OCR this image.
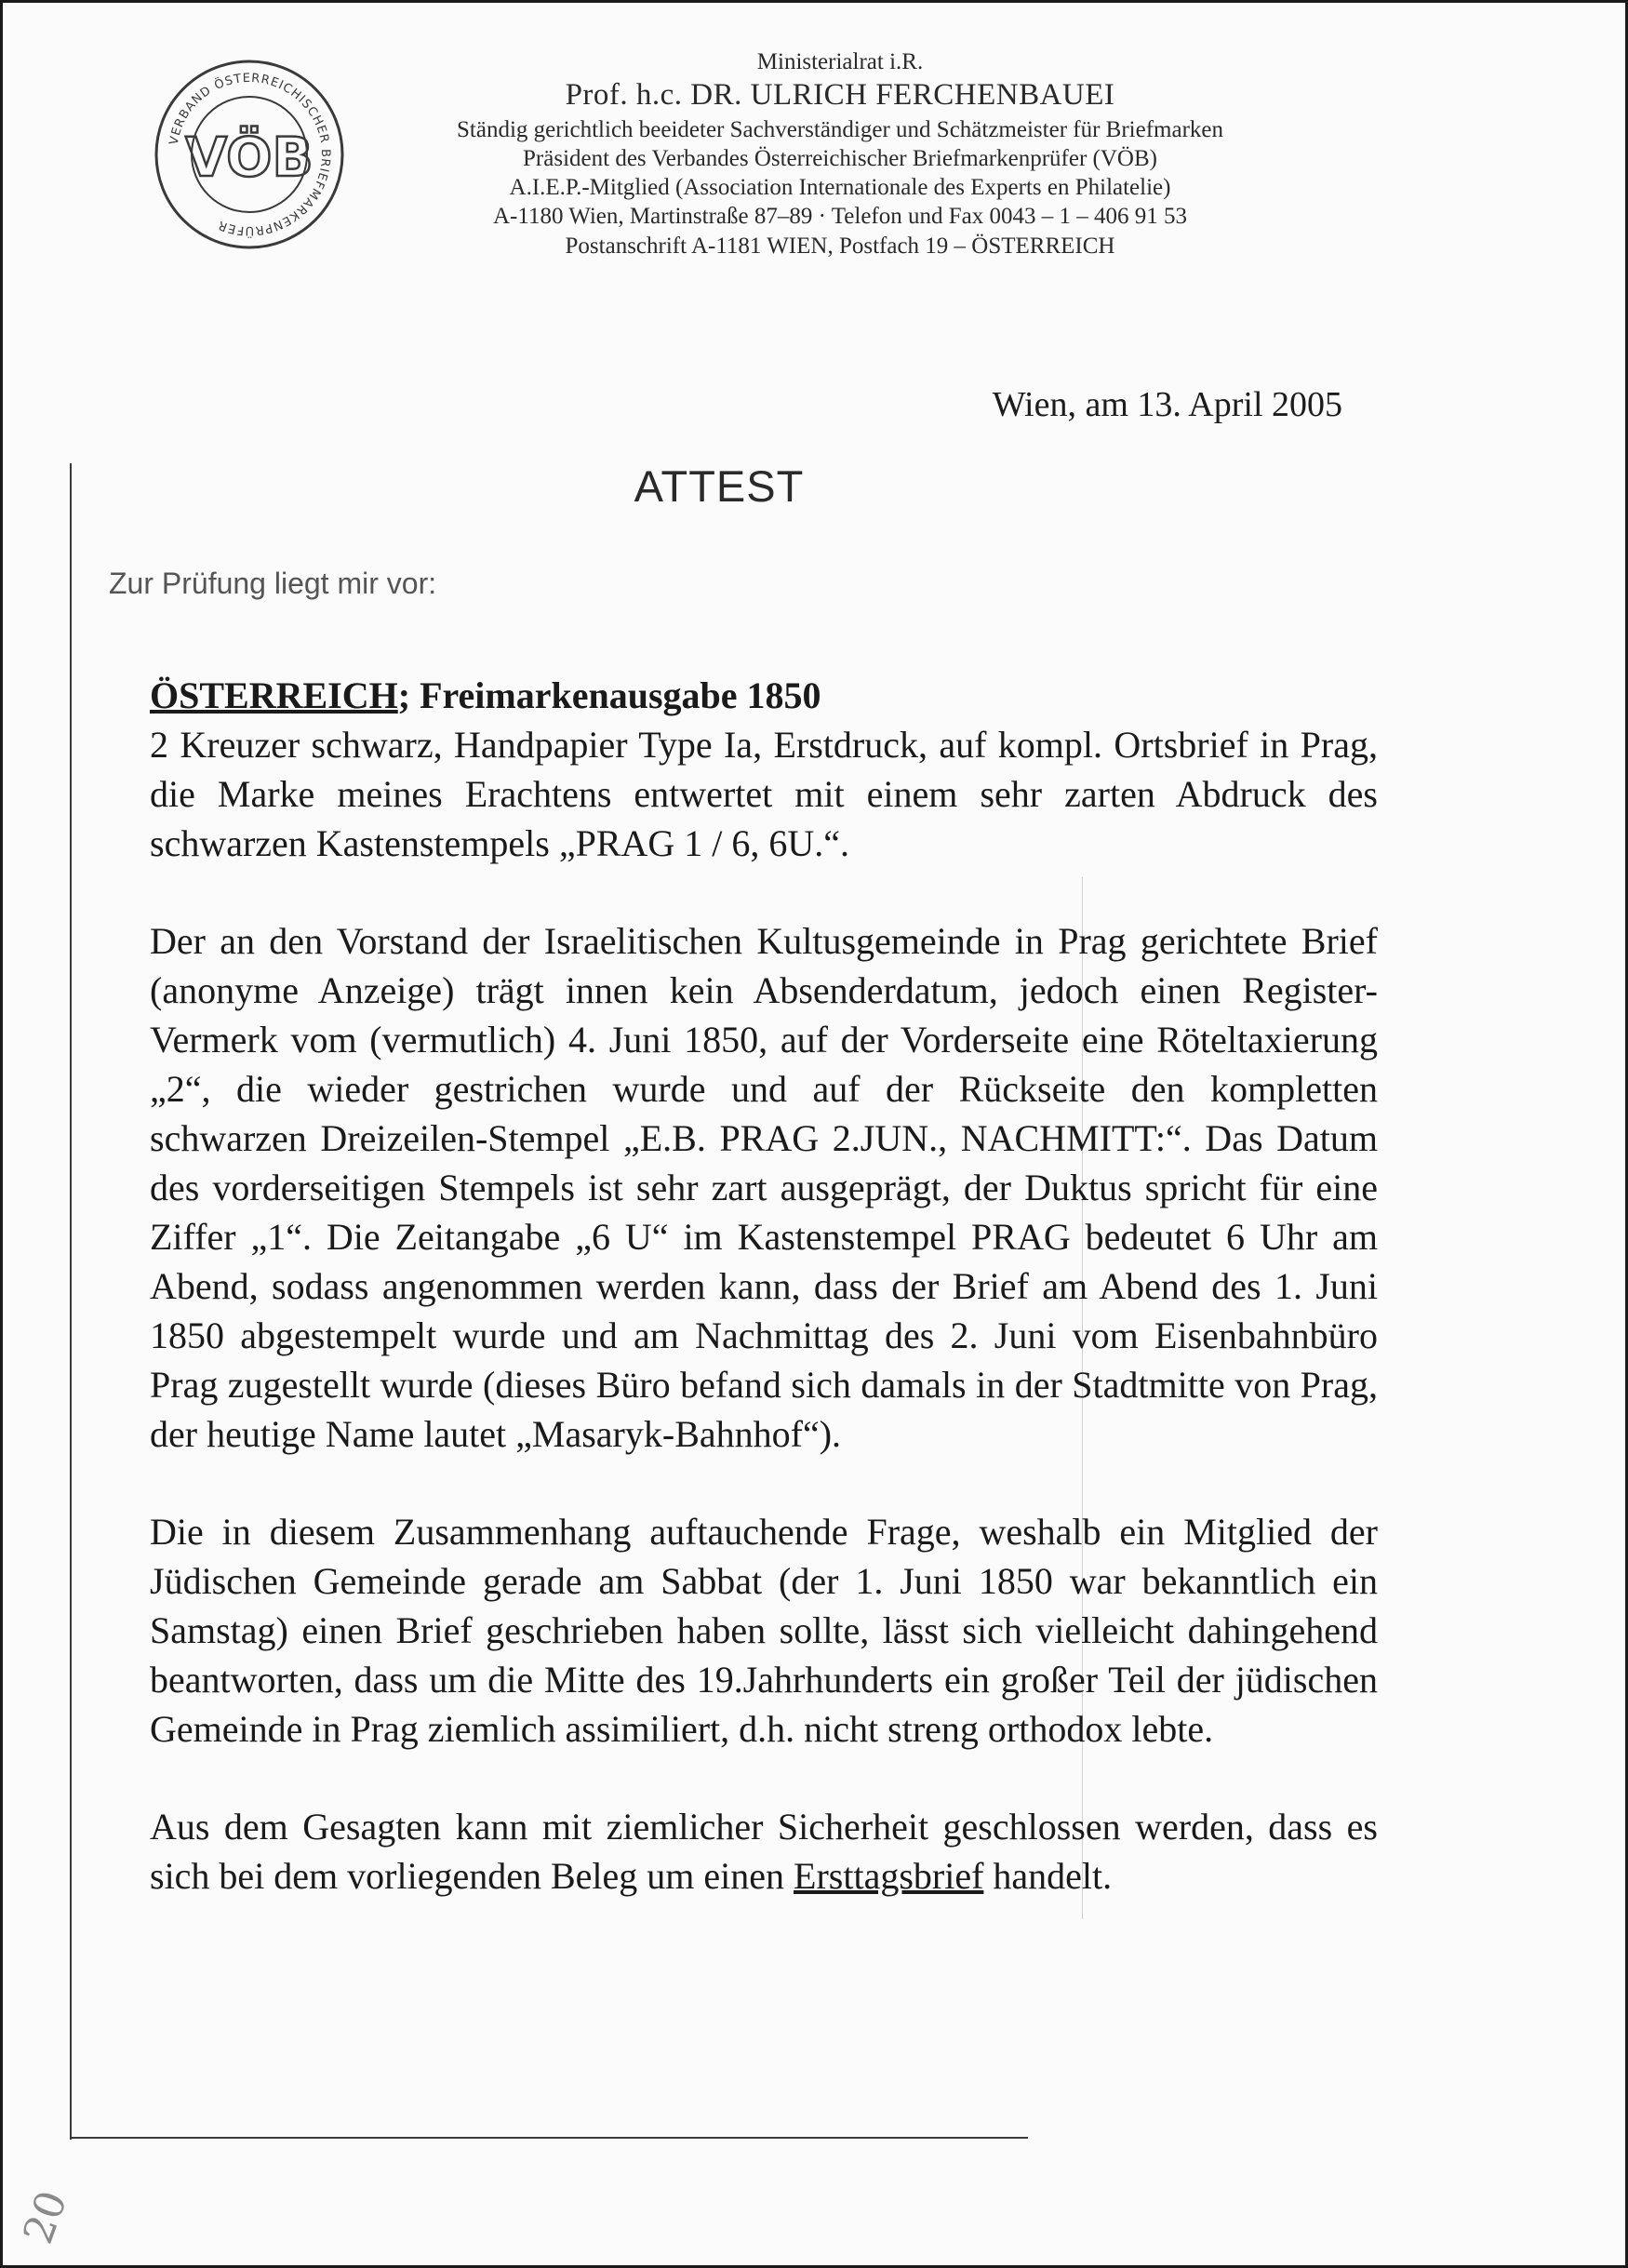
20
VERBAND ÖSTERREICHISCHER BRIEFMARKENPRÜFER
VÖB
Ministerialrat i.R.
Prof. h.c. DR. ULRICH FERCHENBAUEI
Ständig gerichtlich beeideter Sachverständiger und Schätzmeister für Briefmarken
Präsident des Verbandes Österreichischer Briefmarkenprüfer (VÖB)
A.I.E.P.-Mitglied (Association Internationale des Experts en Philatelie)
A-1180 Wien, Martinstraße 87–89 · Telefon und Fax 0043 – 1 – 406 91 53
Postanschrift A-1181 WIEN, Postfach 19 – ÖSTERREICH
Wien, am 13. April 2005
ATTEST
Zur Prüfung liegt mir vor:
ÖSTERREICH; Freimarkenausgabe 1850

2 Kreuzer schwarz, Handpapier Type Ia, Erstdruck, auf kompl. Ortsbrief in Prag, die Marke meines Erachtens entwertet mit einem sehr zarten Abdruck des schwarzen Kastenstempels „PRAG 1 / 6, 6U.“.

Der an den Vorstand der Israelitischen Kultusgemeinde in Prag gerichtete Brief (anonyme Anzeige) trägt innen kein Absenderdatum, jedoch einen Register-Vermerk vom (vermutlich) 4. Juni 1850, auf der Vorderseite eine Röteltaxierung „2“, die wieder gestrichen wurde und auf der Rückseite den kompletten schwarzen Dreizeilen-Stempel „E.B. PRAG 2.JUN., NACHMITT:“. Das Datum des vorderseitigen Stempels ist sehr zart ausgeprägt, der Duktus spricht für eine Ziffer „1“. Die Zeitangabe „6 U“ im Kastenstempel PRAG bedeutet 6 Uhr am Abend, sodass angenommen werden kann, dass der Brief am Abend des 1. Juni 1850 abgestempelt wurde und am Nachmittag des 2. Juni vom Eisenbahnbüro Prag zugestellt wurde (dieses Büro befand sich damals in der Stadtmitte von Prag, der heutige Name lautet „Masaryk-Bahnhof“).

Die in diesem Zusammenhang auftauchende Frage, weshalb ein Mitglied der Jüdischen Gemeinde gerade am Sabbat (der 1. Juni 1850 war bekanntlich ein Samstag) einen Brief geschrieben haben sollte, lässt sich vielleicht dahingehend beantworten, dass um die Mitte des 19.Jahrhunderts ein großer Teil der jüdischen Gemeinde in Prag ziemlich assimiliert, d.h. nicht streng orthodox lebte.

Aus dem Gesagten kann mit ziemlicher Sicherheit geschlossen werden, dass es sich bei dem vorliegenden Beleg um einen Ersttagsbrief handelt.
